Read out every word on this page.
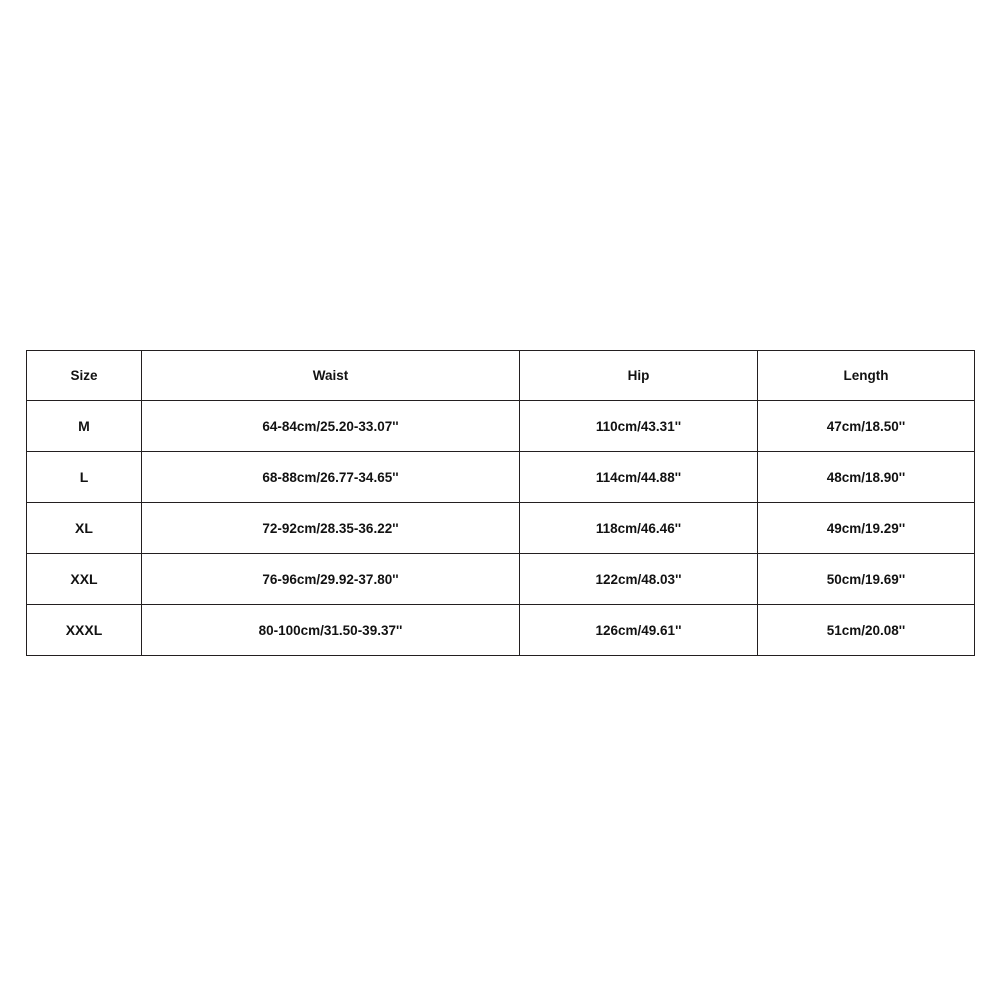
Size	Waist	Hip	Length
M	64-84cm/25.20-33.07''	110cm/43.31''	47cm/18.50''
L	68-88cm/26.77-34.65''	114cm/44.88''	48cm/18.90''
XL	72-92cm/28.35-36.22''	118cm/46.46''	49cm/19.29''
XXL	76-96cm/29.92-37.80''	122cm/48.03''	50cm/19.69''
XXXL	80-100cm/31.50-39.37''	126cm/49.61''	51cm/20.08''
